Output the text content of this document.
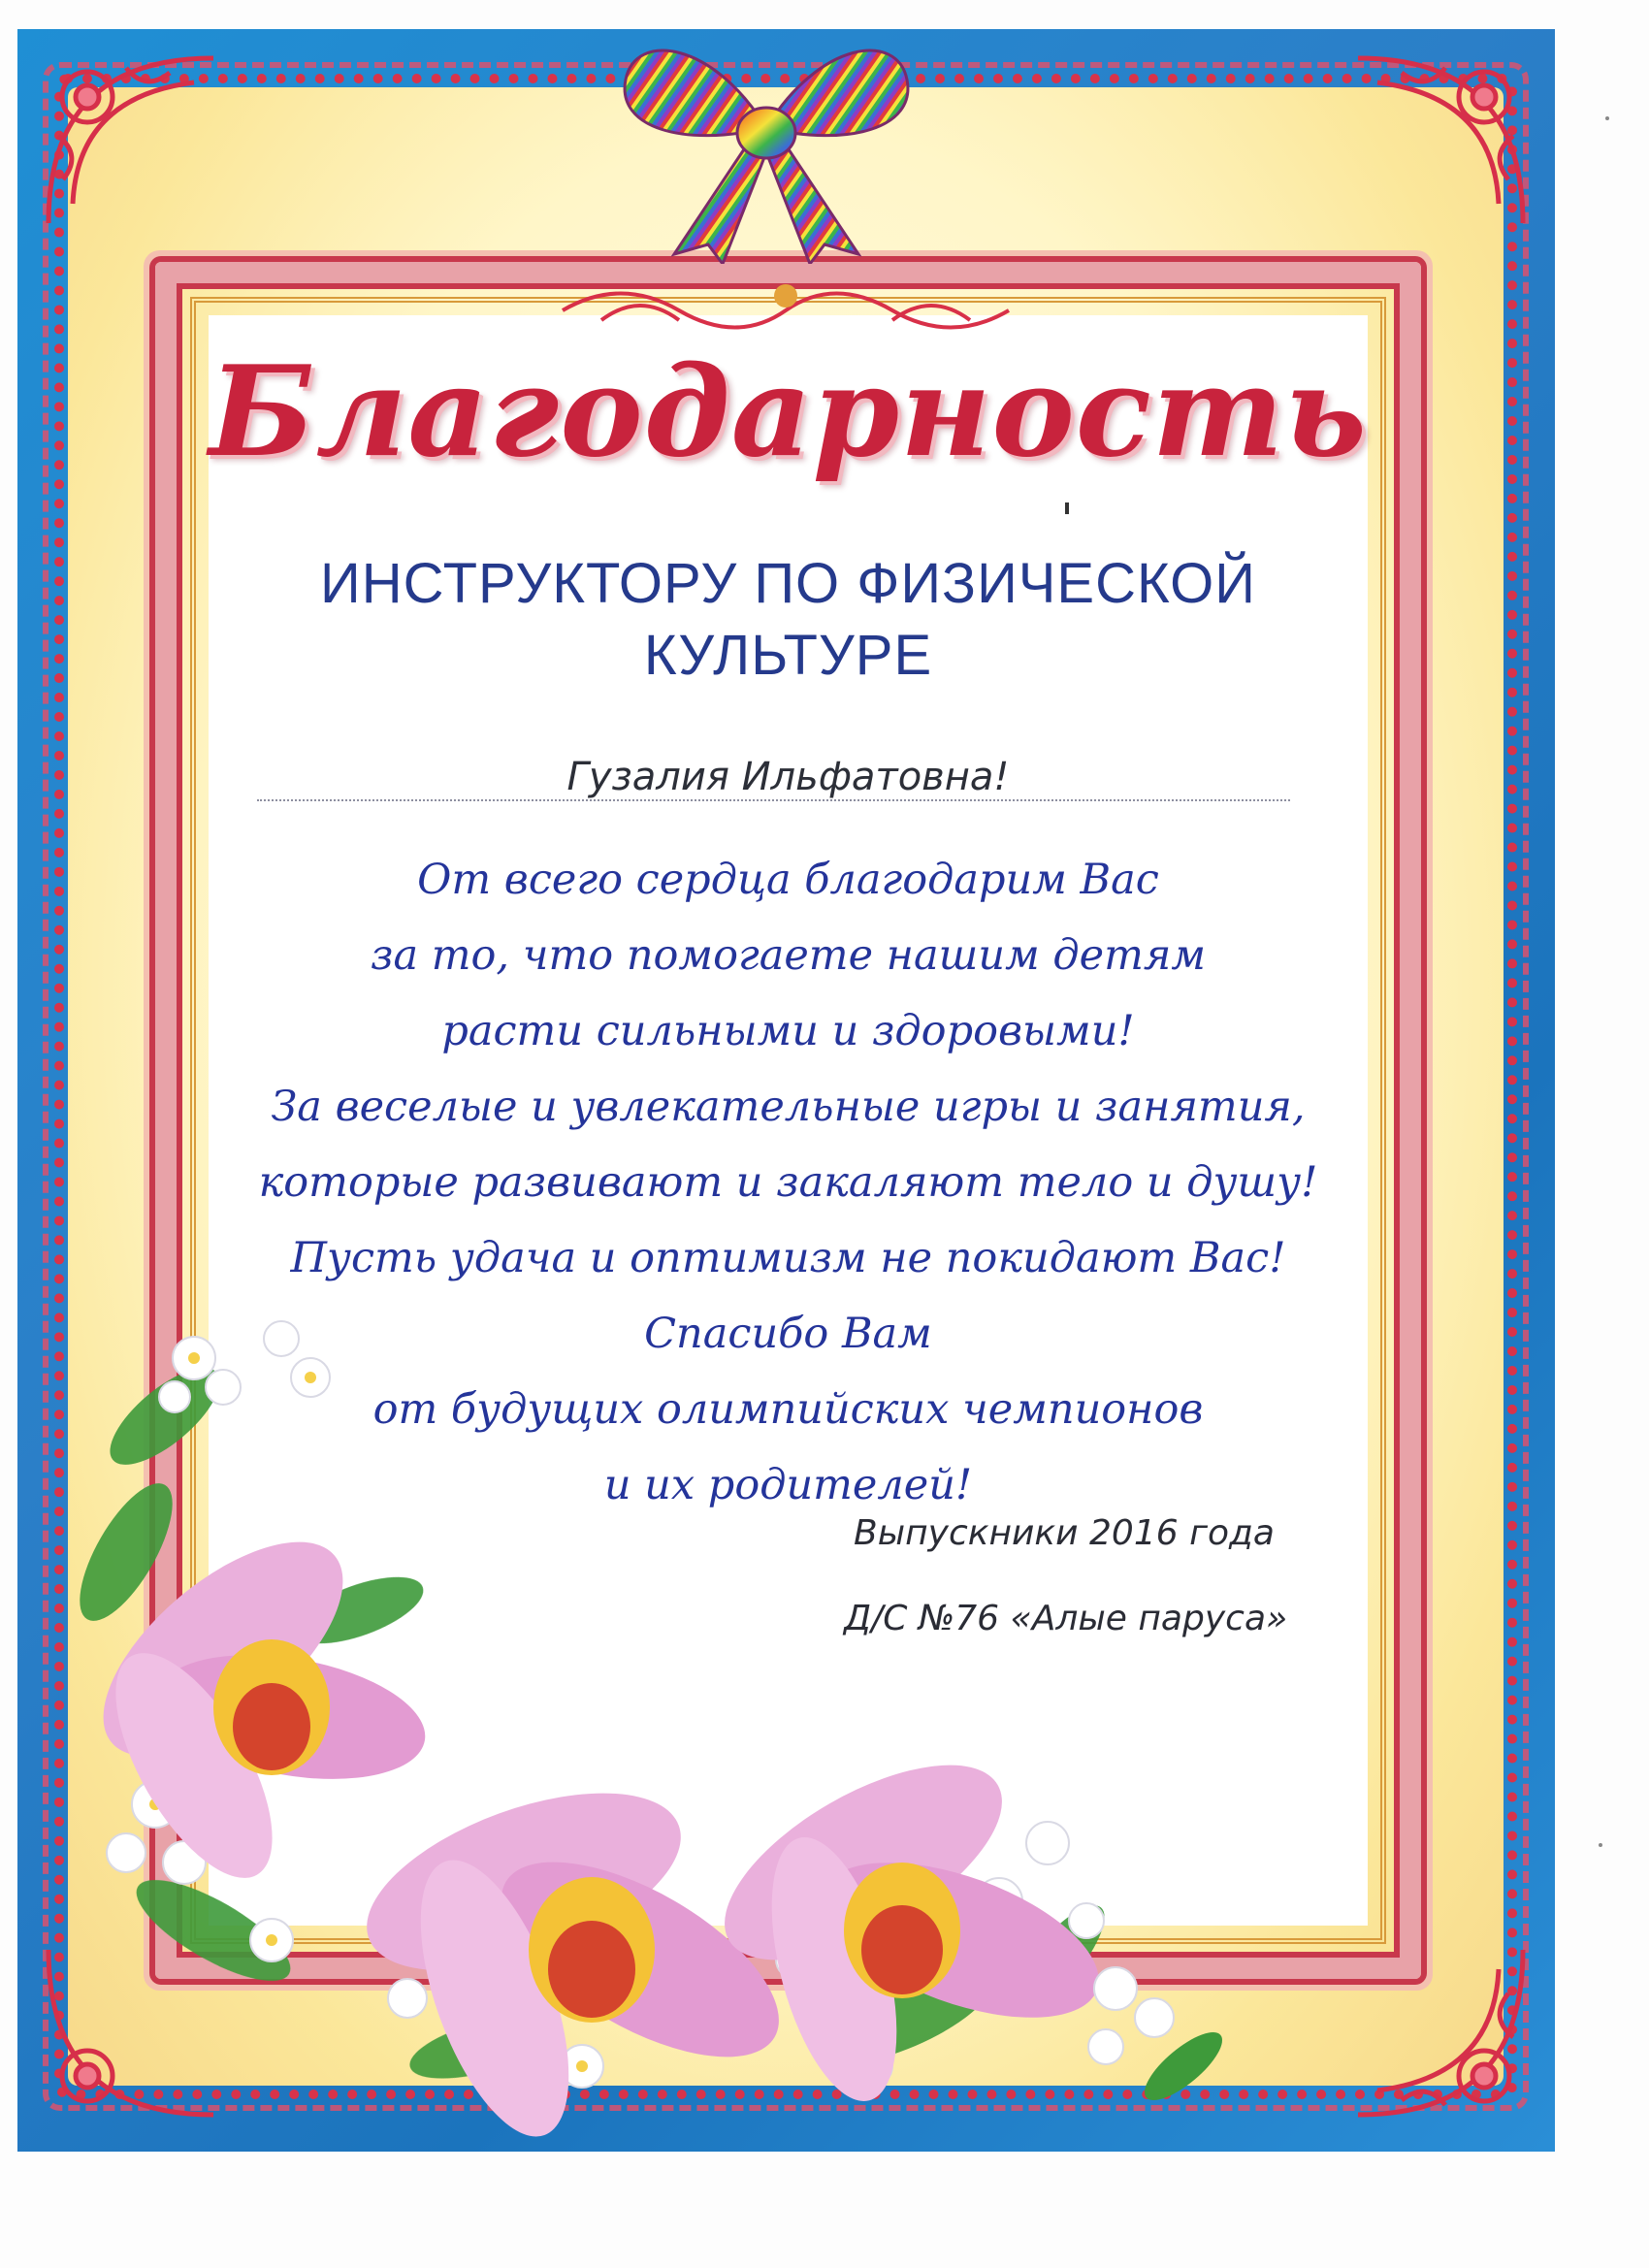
Благодарность
ИНСТРУКТОРУ ПО ФИЗИЧЕСКОЙ
КУЛЬТУРЕ
Гузалия Ильфатовна!
От всего сердца благодарим Вас
за то, что помогаете нашим детям
расти сильными и здоровыми!
За веселые и увлекательные игры и занятия,
которые развивают и закаляют тело и душу!
Пусть удача и оптимизм не покидают Вас!
Спасибо Вам
от будущих олимпийских чемпионов
и их родителей!
Выпускники 2016 года
Д/С №76 «Алые паруса»
